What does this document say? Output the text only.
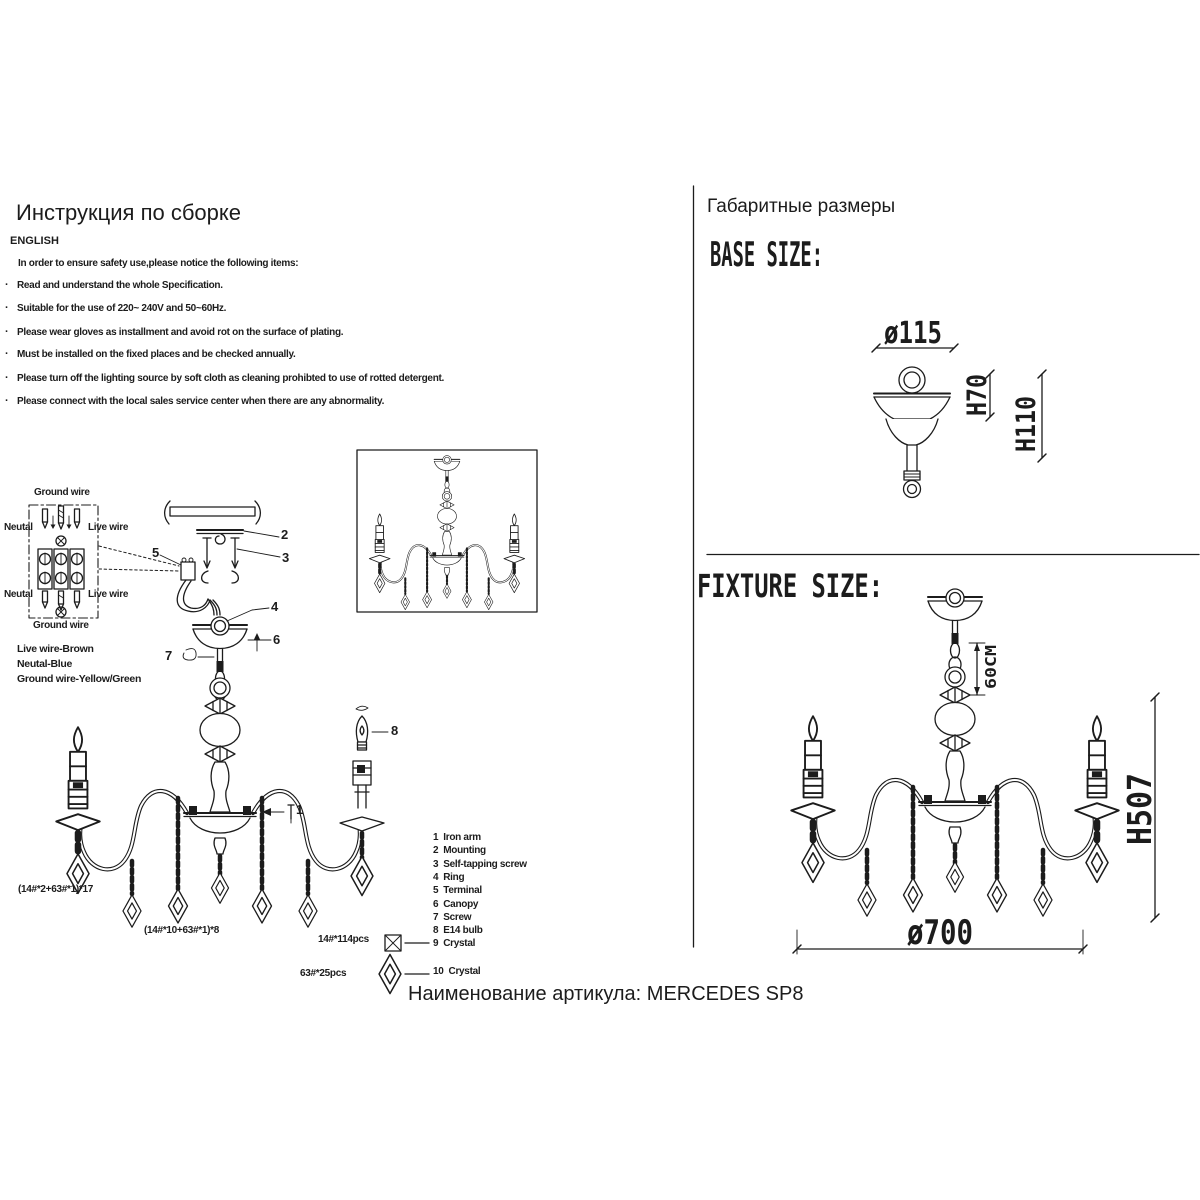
ø115
H70 H110
60CM
H507
ø700
BASE SIZE:
FIXTURE SIZE:
Инструкция по сборке
ENGLISH
In order to ensure safety use,please notice the following items:
· Read and understand the whole Specification.
· Suitable for the use of 220~ 240V and 50~60Hz.
· Please wear gloves as installment and avoid rot on the surface of plating.
· Must be installed on the fixed places and be checked annually.
· Please turn off the lighting source by soft cloth as cleaning prohibted to use of rotted detergent.
· Please connect with the local sales service center when there are any abnormality.
Ground wire
Neutal	Live wire
Neutal	Live wire
Ground wire
Live wire-Brown
Neutal-Blue
Ground wire-Yellow/Green
1
2
3
4
5
6
7
8
(14#*2+63#*1)*17
(14#*10+63#*1)*8
1 Iron arm
2 Mounting
3 Self-tapping screw
4 Ring
5 Terminal
6 Canopy
7 Screw
8 E14 bulb
9 Crystal
10 Crystal
14#*114pcs
63#*25pcs
Габаритные размеры
Наименование артикула: MERCEDES SP8
